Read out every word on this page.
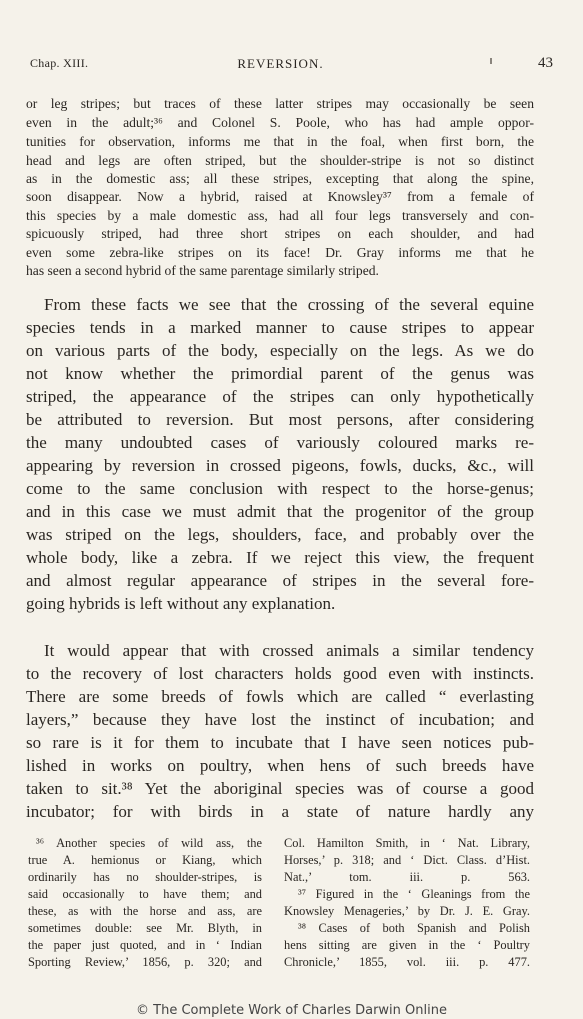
Chap. XIII.	REVERSION.	43
or leg stripes; but traces of these latter stripes may occasionally be seen
even in the adult;³⁶ and Colonel S. Poole, who has had ample oppor-
tunities for observation, informs me that in the foal, when first born, the
head and legs are often striped, but the shoulder-stripe is not so distinct
as in the domestic ass; all these stripes, excepting that along the spine,
soon disappear. Now a hybrid, raised at Knowsley³⁷ from a female of
this species by a male domestic ass, had all four legs transversely and con-
spicuously striped, had three short stripes on each shoulder, and had
even some zebra-like stripes on its face! Dr. Gray informs me that he
has seen a second hybrid of the same parentage similarly striped.
From these facts we see that the crossing of the several equine
species tends in a marked manner to cause stripes to appear
on various parts of the body, especially on the legs. As we do
not know whether the primordial parent of the genus was
striped, the appearance of the stripes can only hypothetically
be attributed to reversion. But most persons, after considering
the many undoubted cases of variously coloured marks re-
appearing by reversion in crossed pigeons, fowls, ducks, &c., will
come to the same conclusion with respect to the horse-genus;
and in this case we must admit that the progenitor of the group
was striped on the legs, shoulders, face, and probably over the
whole body, like a zebra. If we reject this view, the frequent
and almost regular appearance of stripes in the several fore-
going hybrids is left without any explanation.
It would appear that with crossed animals a similar tendency
to the recovery of lost characters holds good even with instincts.
There are some breeds of fowls which are called “ everlasting
layers,” because they have lost the instinct of incubation; and
so rare is it for them to incubate that I have seen notices pub-
lished in works on poultry, when hens of such breeds have
taken to sit.³⁸ Yet the aboriginal species was of course a good
incubator; for with birds in a state of nature hardly any
³⁶ Another species of wild ass, the
true A. hemionus or Kiang, which
ordinarily has no shoulder-stripes, is
said occasionally to have them; and
these, as with the horse and ass, are
sometimes double: see Mr. Blyth, in
the paper just quoted, and in ‘ Indian
Sporting Review,’ 1856, p. 320; and
Col. Hamilton Smith, in ‘ Nat. Library,
Horses,’ p. 318; and ‘ Dict. Class. d’Hist.
Nat.,’ tom. iii. p. 563.
³⁷ Figured in the ‘ Gleanings from the
Knowsley Menageries,’ by Dr. J. E. Gray.
³⁸ Cases of both Spanish and Polish
hens sitting are given in the ‘ Poultry
Chronicle,’ 1855, vol. iii. p. 477.
© The Complete Work of Charles Darwin Online
